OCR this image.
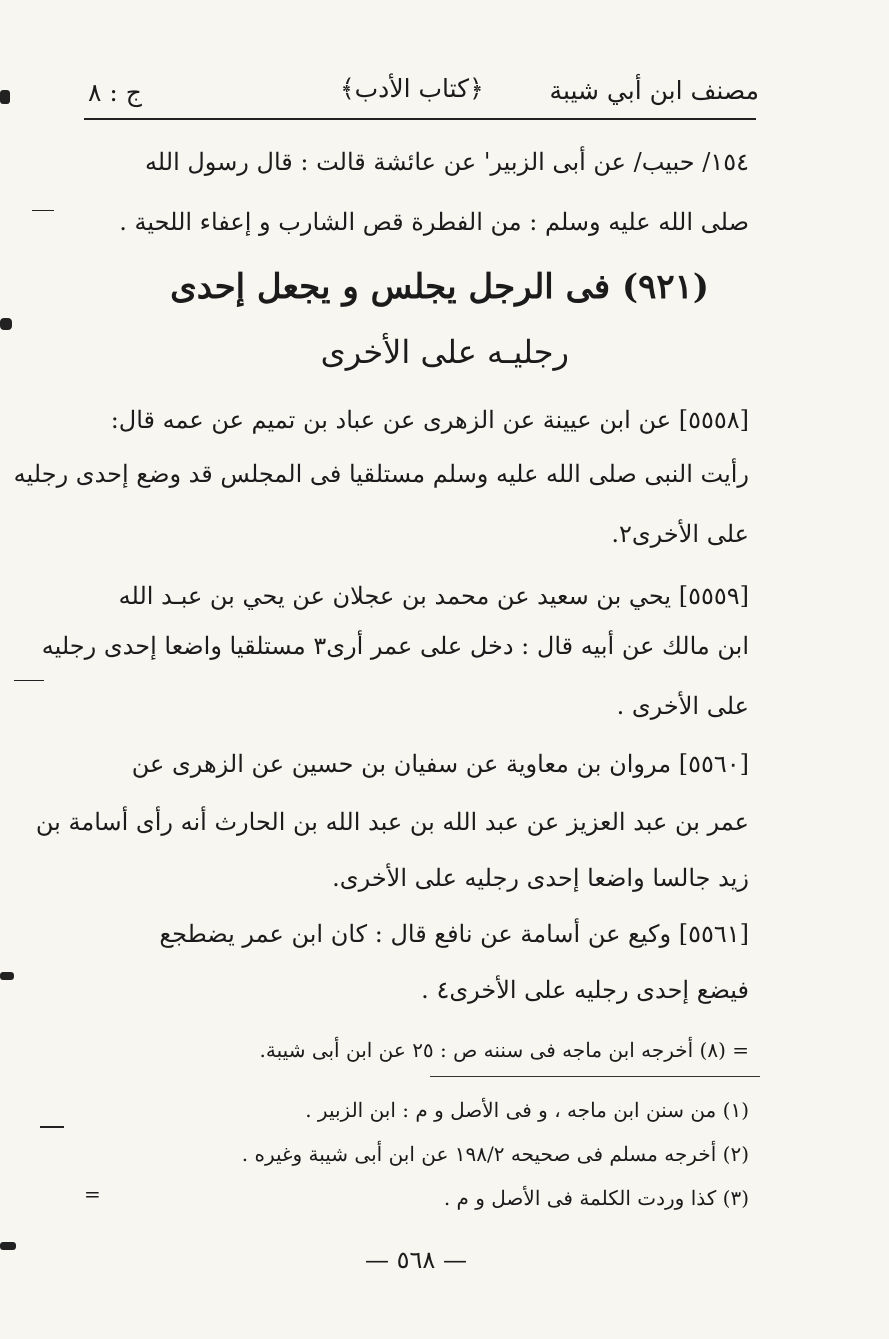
مصنف ابن أبي شيبة
﴿كتاب الأدب﴾
ج : ٨
١٥٤/ حبيب/ عن أبى الزبير' عن عائشة قالت : قال رسول الله
صلى الله عليه وسلم : من الفطرة قص الشارب و إعفاء اللحية .
(٩٢١) فى الرجل يجلس و يجعل إحدى
رجليـه على الأخرى
[٥٥٥٨] عن ابن عيينة عن الزهرى عن عباد بن تميم عن عمه قال:
رأيت النبى صلى الله عليه وسلم مستلقيا فى المجلس قد وضع إحدى رجليه
على الأخرى٢.
[٥٥٥٩] يحي بن سعيد عن محمد بن عجلان عن يحي بن عبـد الله
ابن مالك عن أبيه قال : دخل على عمر أرى٣ مستلقيا واضعا إحدى رجليه
على الأخرى .
[٥٥٦٠] مروان بن معاوية عن سفيان بن حسين عن الزهرى عن
عمر بن عبد العزيز عن عبد الله بن عبد الله بن الحارث أنه رأى أسامة بن
زيد جالسا واضعا إحدى رجليه على الأخرى.
[٥٥٦١] وكيع عن أسامة عن نافع قال : كان ابن عمر يضطجع
فيضع إحدى رجليه على الأخرى٤ .
= (٨) أخرجه ابن ماجه فى سننه ص : ٢٥ عن ابن أبى شيبة.
(١) من سنن ابن ماجه ، و فى الأصل و م : ابن الزبير .
(٢) أخرجه مسلم فى صحيحه ١٩٨/٢ عن ابن أبى شيبة وغيره .
(٣) كذا وردت الكلمة فى الأصل و م .
=
— ٥٦٨ —
